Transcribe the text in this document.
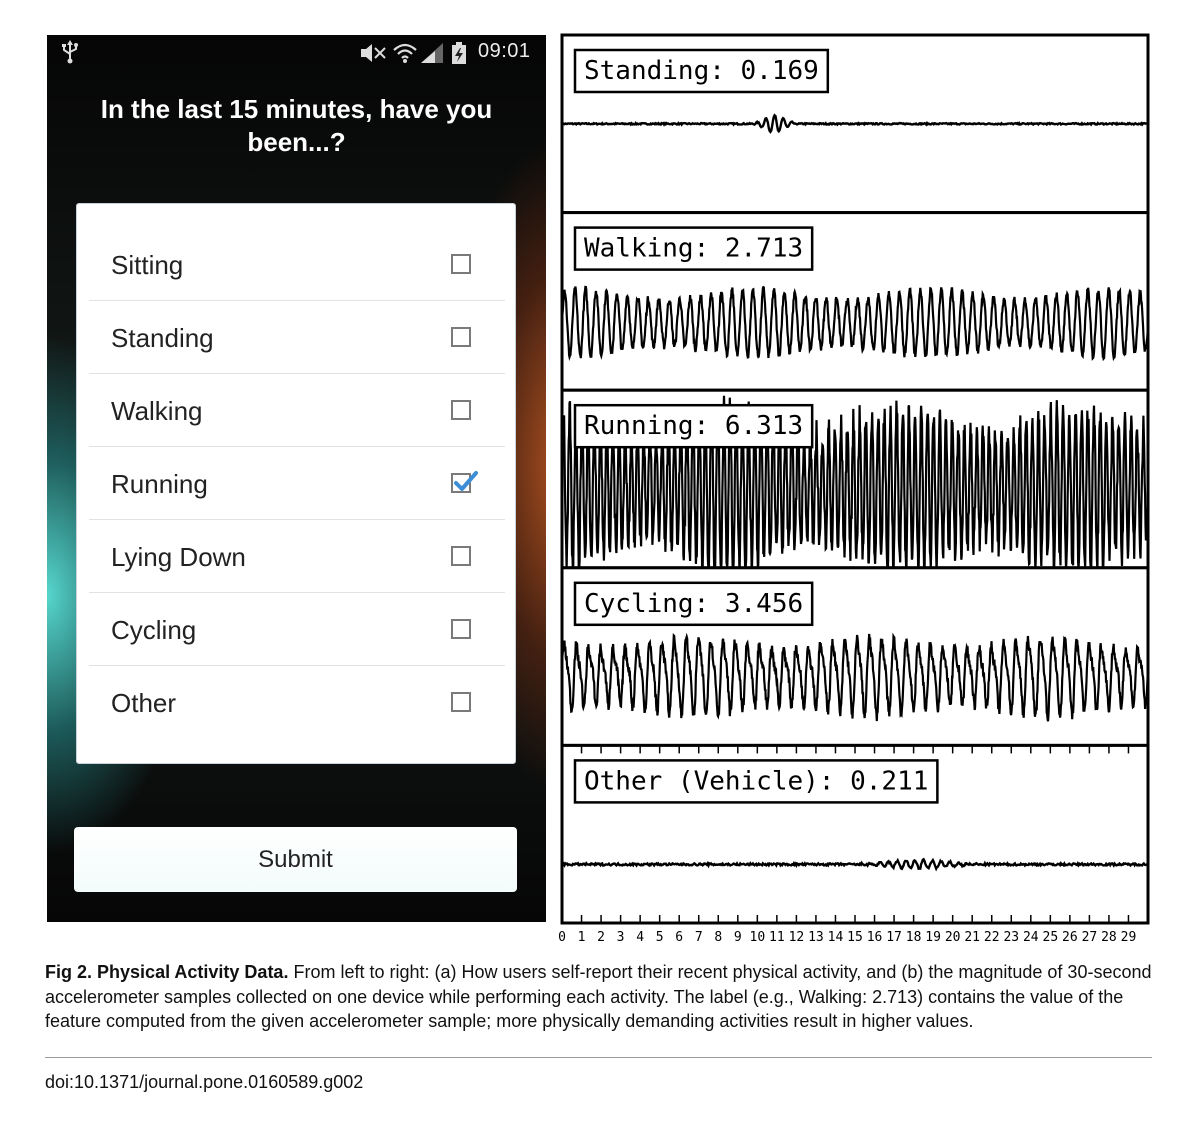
09:01
In the last 15 minutes, have you been...?
Sitting
Standing
Walking
Running
Lying Down
Cycling
Other
Submit
Standing: 0.169
Walking: 2.713
Running: 6.313
Cycling: 3.456
Other (Vehicle): 0.211
0 1 2 3 4 5 6 7 8 9 10 11 12 13 14 15 16 17 18 19 20 21 22 23 24 25 26 27 28 29
Fig 2. Physical Activity Data. From left to right: (a) How users self-report their recent physical activity, and (b) the magnitude of 30-second accelerometer samples collected on one device while performing each activity. The label (e.g., Walking: 2.713) contains the value of the feature computed from the given accelerometer sample; more physically demanding activities result in higher values.
doi:10.1371/journal.pone.0160589.g002
